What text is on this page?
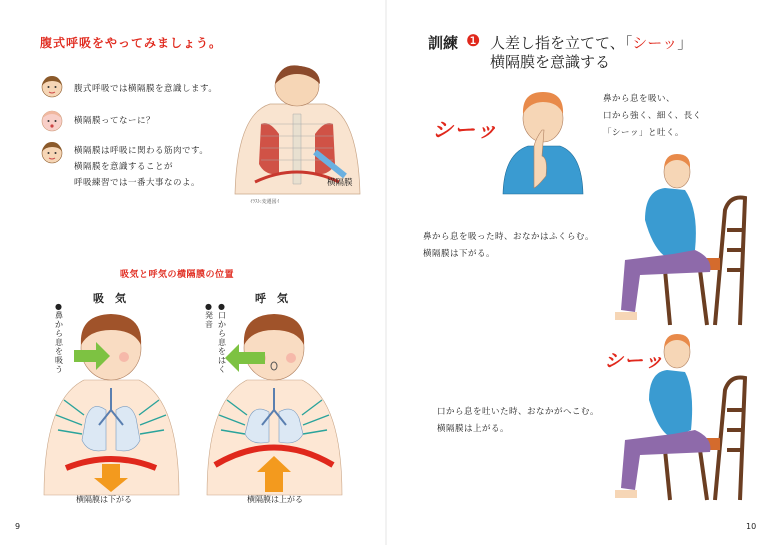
腹式呼吸をやってみましょう。
腹式呼吸では横隔膜を意識します。
横隔膜ってなーに？
横隔膜は呼吸に関わる筋肉です。
横隔膜を意識することが
呼吸練習では一番大事なのよ。	横隔膜
ｲﾗｽﾄ:変遷図ｲ
吸気と呼気の横隔膜の位置
吸　気	呼　気
●鼻から息を吸う
●発音
●口から息をはく
横隔膜は下がる	横隔膜は上がる
9
訓練 ❶ 人差し指を立てて、「シーッ」
横隔膜を意識する
シーッ
鼻から息を吸い、
口から強く、細く、長く
「シーッ」と吐く。
鼻から息を吸った時、おなかはふくらむ。
横隔膜は下がる。
シーッ
口から息を吐いた時、おなかがへこむ。
横隔膜は上がる。
10
